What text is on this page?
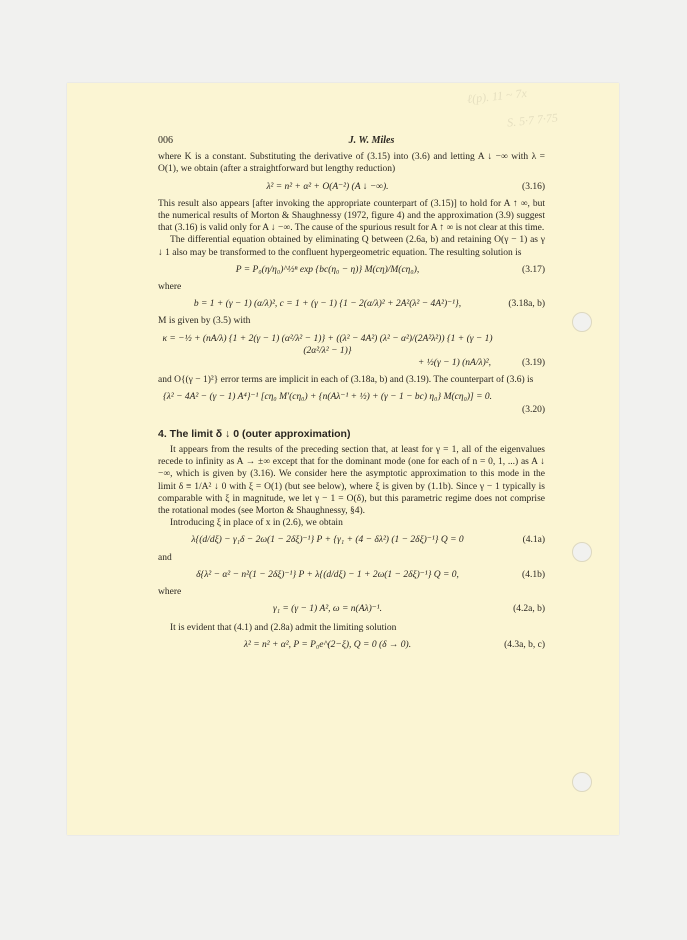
ℓ(p). 11 ~ 7x
S. 5·7 7·75
006	J. W. Miles

where K is a constant. Substituting the derivative of (3.15) into (3.6) and letting A ↓ −∞ with λ = O(1), we obtain (after a straightforward but lengthy reduction)

λ² = n² + α² + O(A⁻²) (A ↓ −∞).	(3.16)

This result also appears [after invoking the appropriate counterpart of (3.15)] to hold for A ↑ ∞, but the numerical results of Morton & Shaughnessy (1972, figure 4) and the approximation (3.9) suggest that (3.16) is valid only for A ↓ −∞. The cause of the spurious result for A ↑ ∞ is not clear at this time.

The differential equation obtained by eliminating Q between (2.6a, b) and retaining O(γ − 1) as γ ↓ 1 also may be transformed to the confluent hypergeometric equation. The resulting solution is

P = P₀(η/η₀)^½ⁿ exp {bc(η₀ − η)} M(cη)/M(cη₀),	(3.17)
where
b = 1 + (γ − 1) (α/λ)², c = 1 + (γ − 1) {1 − 2(α/λ)² + 2A²(λ² − 4A²)⁻¹},	(3.18a, b)

M is given by (3.5) with

κ = −½ + (nA/λ) {1 + 2(γ − 1) (α²/λ² − 1)} + ((λ² − 4A²) (λ² − α²)/(2A²λ²)) {1 + (γ − 1) (2α²/λ² − 1)}
+ ½(γ − 1) (nA/λ)²,	(3.19)

and O{(γ − 1)²} error terms are implicit in each of (3.18a, b) and (3.19). The counterpart of (3.6) is

{λ² − 4A² − (γ − 1) A⁴}⁻¹ [cη₀ M′(cη₀) + {n(Aλ⁻¹ + ½) + (γ − 1 − bc) η₀} M(cη₀)] = 0.
(3.20)
4. The limit δ ↓ 0 (outer approximation)

It appears from the results of the preceding section that, at least for γ = 1, all of the eigenvalues recede to infinity as A → ±∞ except that for the dominant mode (one for each of n = 0, 1, ...) as A ↓ −∞, which is given by (3.16). We consider here the asymptotic approximation to this mode in the limit δ ≡ 1/A² ↓ 0 with ξ = O(1) (but see below), where ξ is given by (1.1b). Since γ − 1 typically is comparable with ξ in magnitude, we let γ − 1 = O(δ), but this parametric regime does not comprise the rotational modes (see Morton & Shaughnessy, §4).

Introducing ξ in place of x in (2.6), we obtain

λ{(d/dξ) − γ₁δ − 2ω(1 − 2δξ)⁻¹} P + {γ₁ + (4 − δλ²) (1 − 2δξ)⁻¹} Q = 0	(4.1a)
and
δ{λ² − α² − n²(1 − 2δξ)⁻¹} P + λ{(d/dξ) − 1 + 2ω(1 − 2δξ)⁻¹} Q = 0,	(4.1b)
where
γ₁ = (γ − 1) A², ω = n(Aλ)⁻¹.	(4.2a, b)

It is evident that (4.1) and (2.8a) admit the limiting solution

λ² = n² + α², P = P₀e^(2−ξ), Q = 0 (δ → 0).	(4.3a, b, c)
